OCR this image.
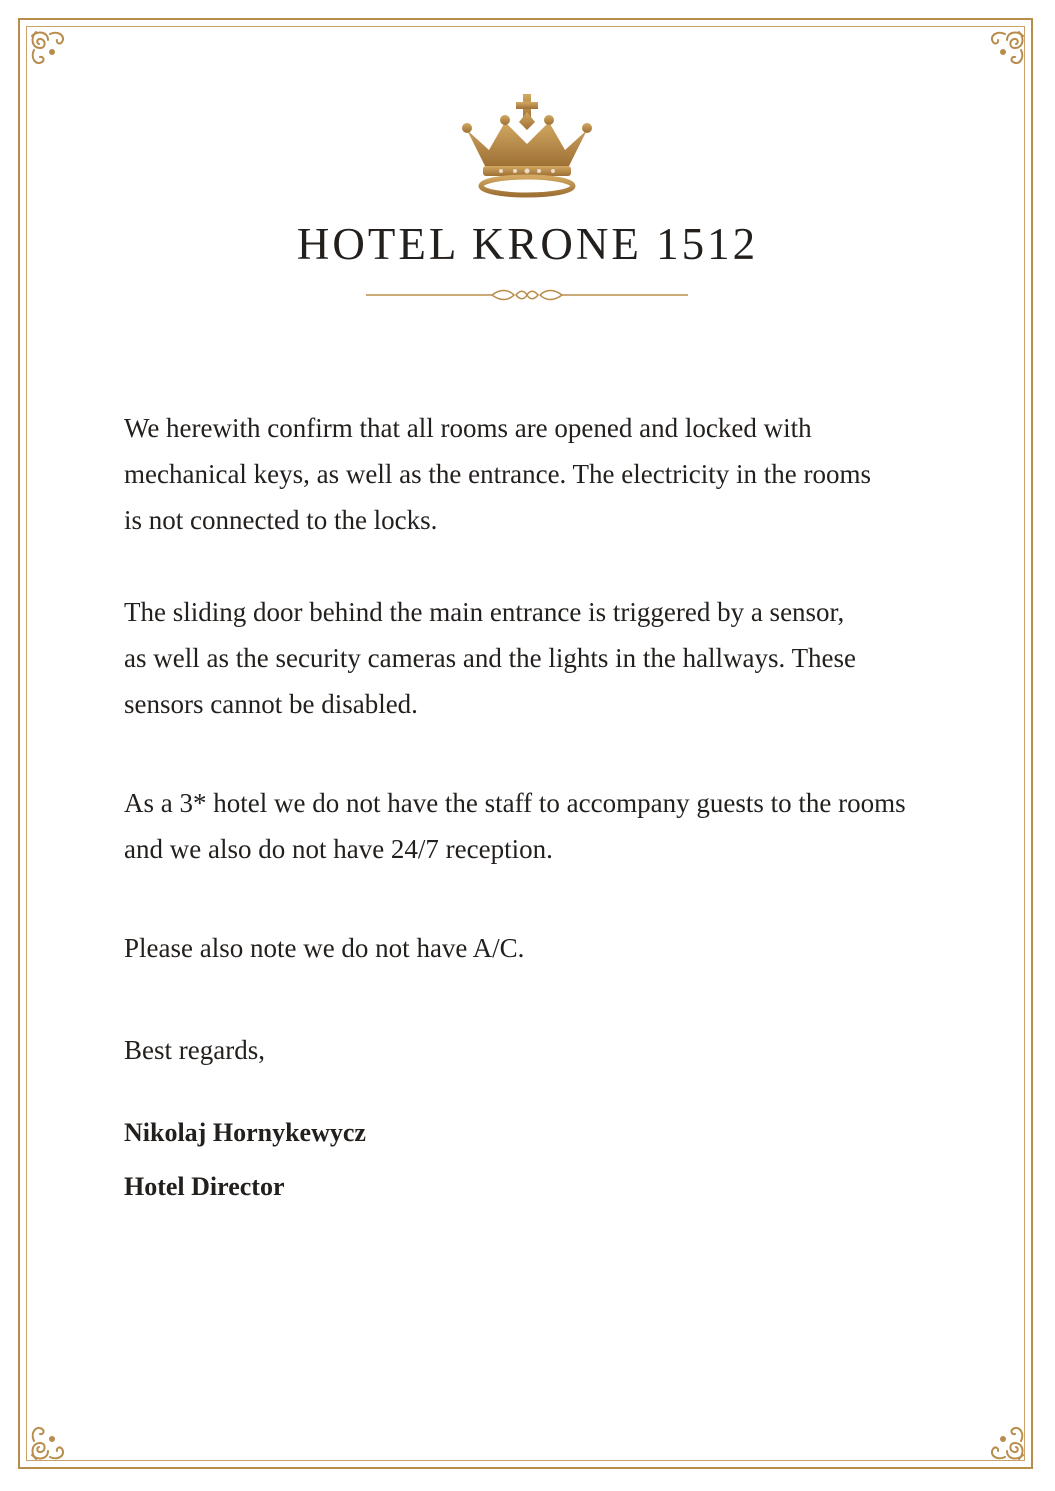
HOTEL KRONE 1512

We herewith confirm that all rooms are opened and locked with
mechanical keys, as well as the entrance. The electricity in the rooms
is not connected to the locks.

The sliding door behind the main entrance is triggered by a sensor,
as well as the security cameras and the lights in the hallways. These
sensors cannot be disabled.

As a 3* hotel we do not have the staff to accompany guests to the rooms
and we also do not have 24/7 reception.

Please also note we do not have A/C.

Best regards,

Nikolaj Hornykewycz

Hotel Director
